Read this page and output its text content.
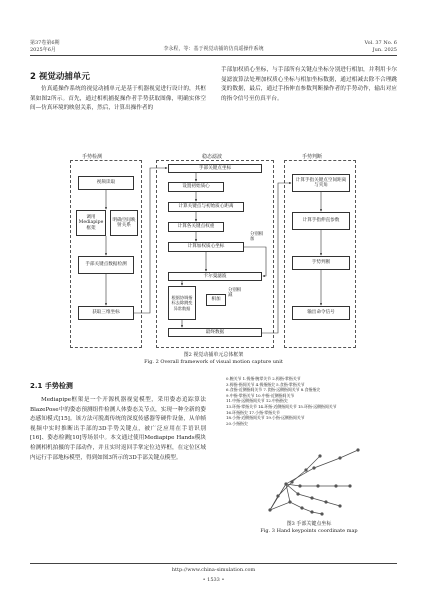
第37卷第6期
2025年6月	李永程，等：基于视觉动捕的仿真遥操作系统
Vol. 37 No. 6
Jun. 2025
2 视觉动捕单元
仿真遥操作系统的视觉动捕单元是基于机器视觉进行设计的，其框架如图2所示。首先，通过相机捕捉操作者手势获取图像，明确实体空间—仿真环境的映射关系，然后，计算出操作者的
手部加权质心坐标，与手部所有关键点坐标分别进行相加，并利用卡尔曼滤波算法处理加权质心坐标与相加坐标数据，通过相减去除不合理跳变的数据，最后，通过手指伸直参数判断操作者的手势动作，输出对应的指令信号至仿真平台。
手势检测	稳态滤波	手势判断
视频读取
调用Mediapipe框架
明确空间映射关系
手部关键点数据检测
获取三维坐标
手部关键点坐标
设置初始质心
计算关键点与初始质心距离
计算各关键点权重
计算加权质心坐标
卡尔曼滤波
根据协调指标去除跳变异常数据
相加
最终数据
分别相加
分别相减
计算手指关键点空间距离与夹角
计算手指伸直参数
手势判断
输出命令信号
图2 视觉动捕单元总体框架
Fig. 2 Overall framework of visual motion capture unit
2.1 手势检测
Mediapipe框架是一个开源机器视觉模型，采用姿态追踪算法BlazePose中的姿态预测组件检测人体姿态关节点，实现一种全新的姿态感知模式[15]。该方法可脱离传统的深度传感器等硬件设备，从单帧视频中实时推断出手部的3D手势关键点，被广泛应用在手语识别[16]、姿态检测[10]等场景中。本文通过使用Mediapipe Hands模块检测相机拍摄的手部动作，并且实时返回手掌定位边界框，在定位区域内运行手部地标模型，得到如图3所示的3D手部关键点模型。
0.腕关节 1.拇指-腕掌关节 2.拇指-掌指关节
3.拇指-指间关节 4.拇指指尖 5.食指-掌指关节
6.食指-近侧指间关节 7.食指-远侧指间关节 8.食指指尖
9.中指-掌指关节 10.中指-近侧指间关节
11.中指-远侧指间关节 12.中指指尖
13.环指-掌指关节 14.环指-近侧指间关节 15.环指-远侧指间关节
16.环指指尖 17.小指-掌指关节
18.小指-近侧指间关节 19.小指-远侧指间关节
20.小指指尖
图3 手部关键点坐标
Fig. 3 Hand keypoints coordinate map
http://www.china-simulation.com
• 1533 •
